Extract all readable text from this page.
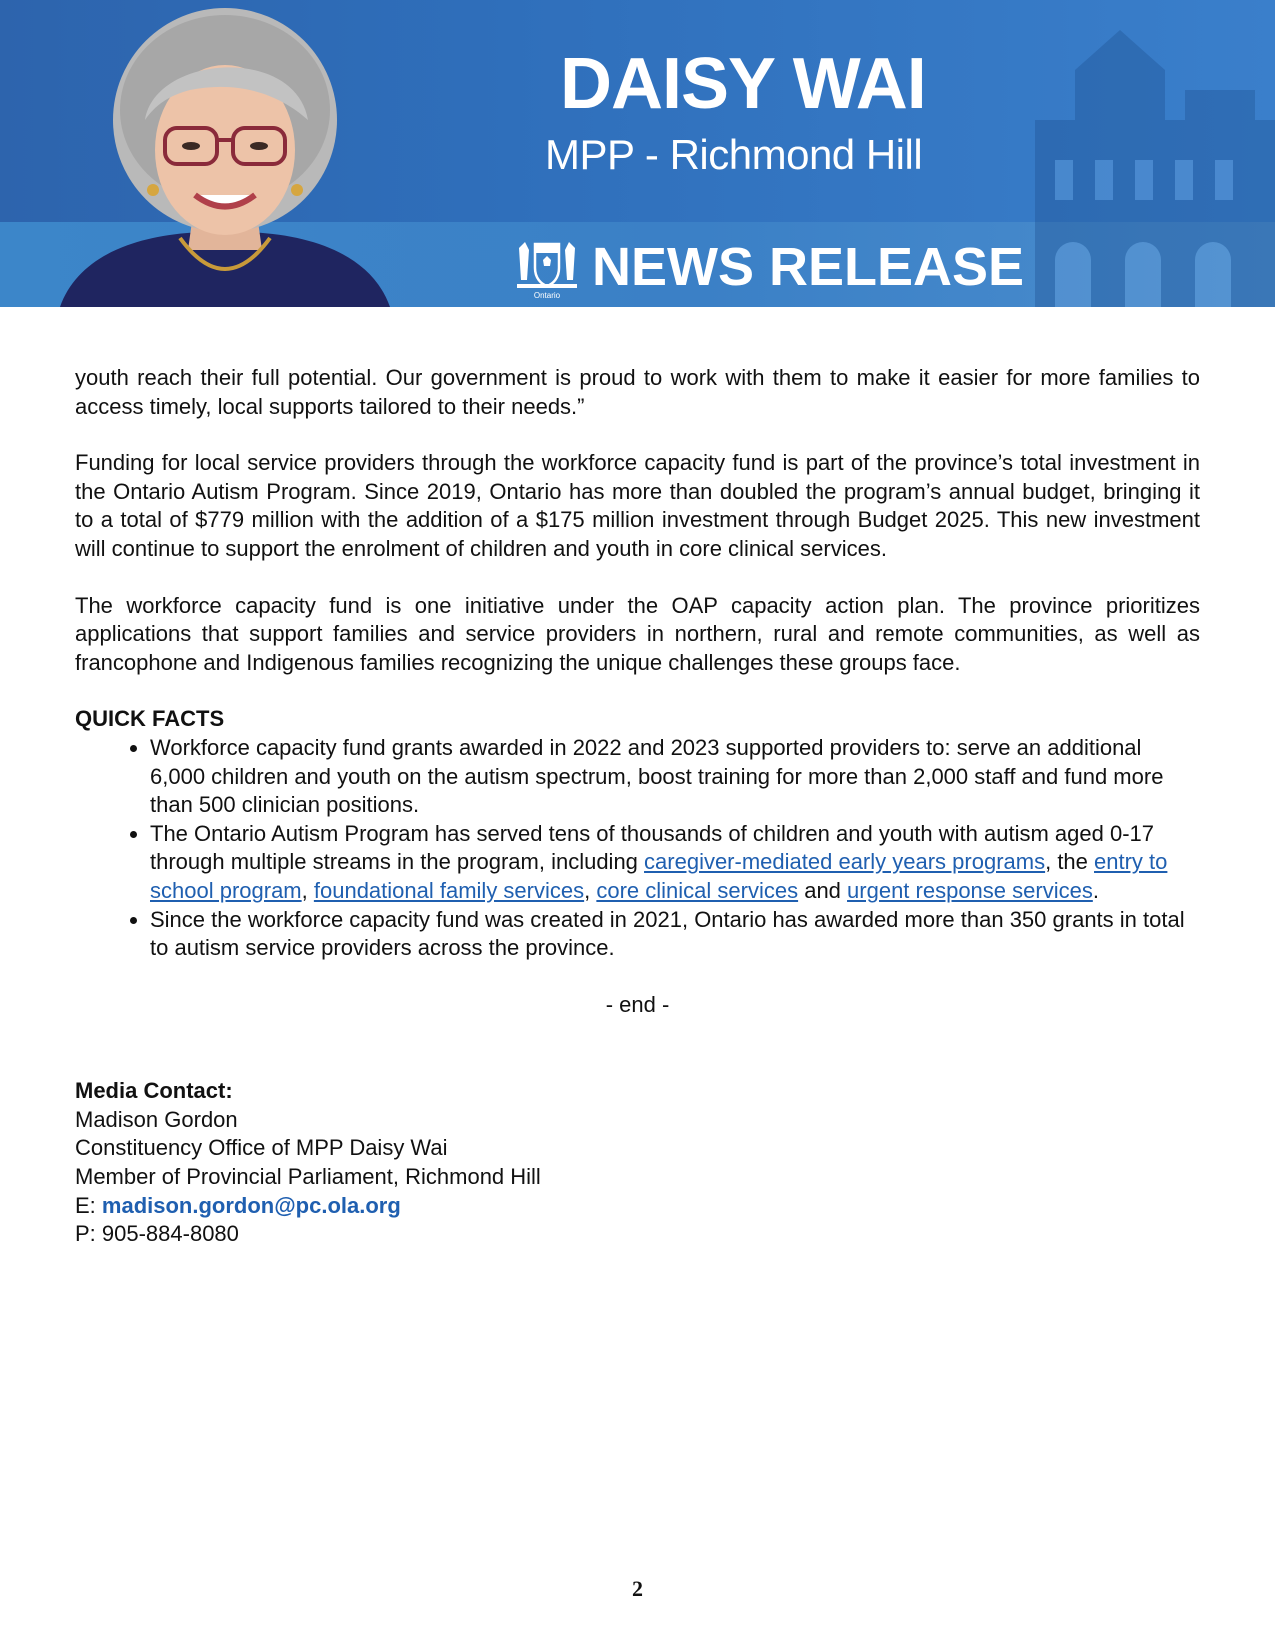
DAISY WAI
MPP - Richmond Hill
Ontario NEWS RELEASE

youth reach their full potential. Our government is proud to work with them to make it easier for more families to access timely, local supports tailored to their needs.”

Funding for local service providers through the workforce capacity fund is part of the province’s total investment in the Ontario Autism Program. Since 2019, Ontario has more than doubled the program’s annual budget, bringing it to a total of $779 million with the addition of a $175 million investment through Budget 2025. This new investment will continue to support the enrolment of children and youth in core clinical services.

The workforce capacity fund is one initiative under the OAP capacity action plan. The province prioritizes applications that support families and service providers in northern, rural and remote communities, as well as francophone and Indigenous families recognizing the unique challenges these groups face.

QUICK FACTS

• Workforce capacity fund grants awarded in 2022 and 2023 supported providers to: serve an additional 6,000 children and youth on the autism spectrum, boost training for more than 2,000 staff and fund more than 500 clinician positions.
• The Ontario Autism Program has served tens of thousands of children and youth with autism aged 0-17 through multiple streams in the program, including caregiver-mediated early years programs, the entry to school program, foundational family services, core clinical services and urgent response services.
• Since the workforce capacity fund was created in 2021, Ontario has awarded more than 350 grants in total to autism service providers across the province.

- end -

Media Contact:
Madison Gordon
Constituency Office of MPP Daisy Wai
Member of Provincial Parliament, Richmond Hill
E: madison.gordon@pc.ola.org
P: 905-884-8080
2
